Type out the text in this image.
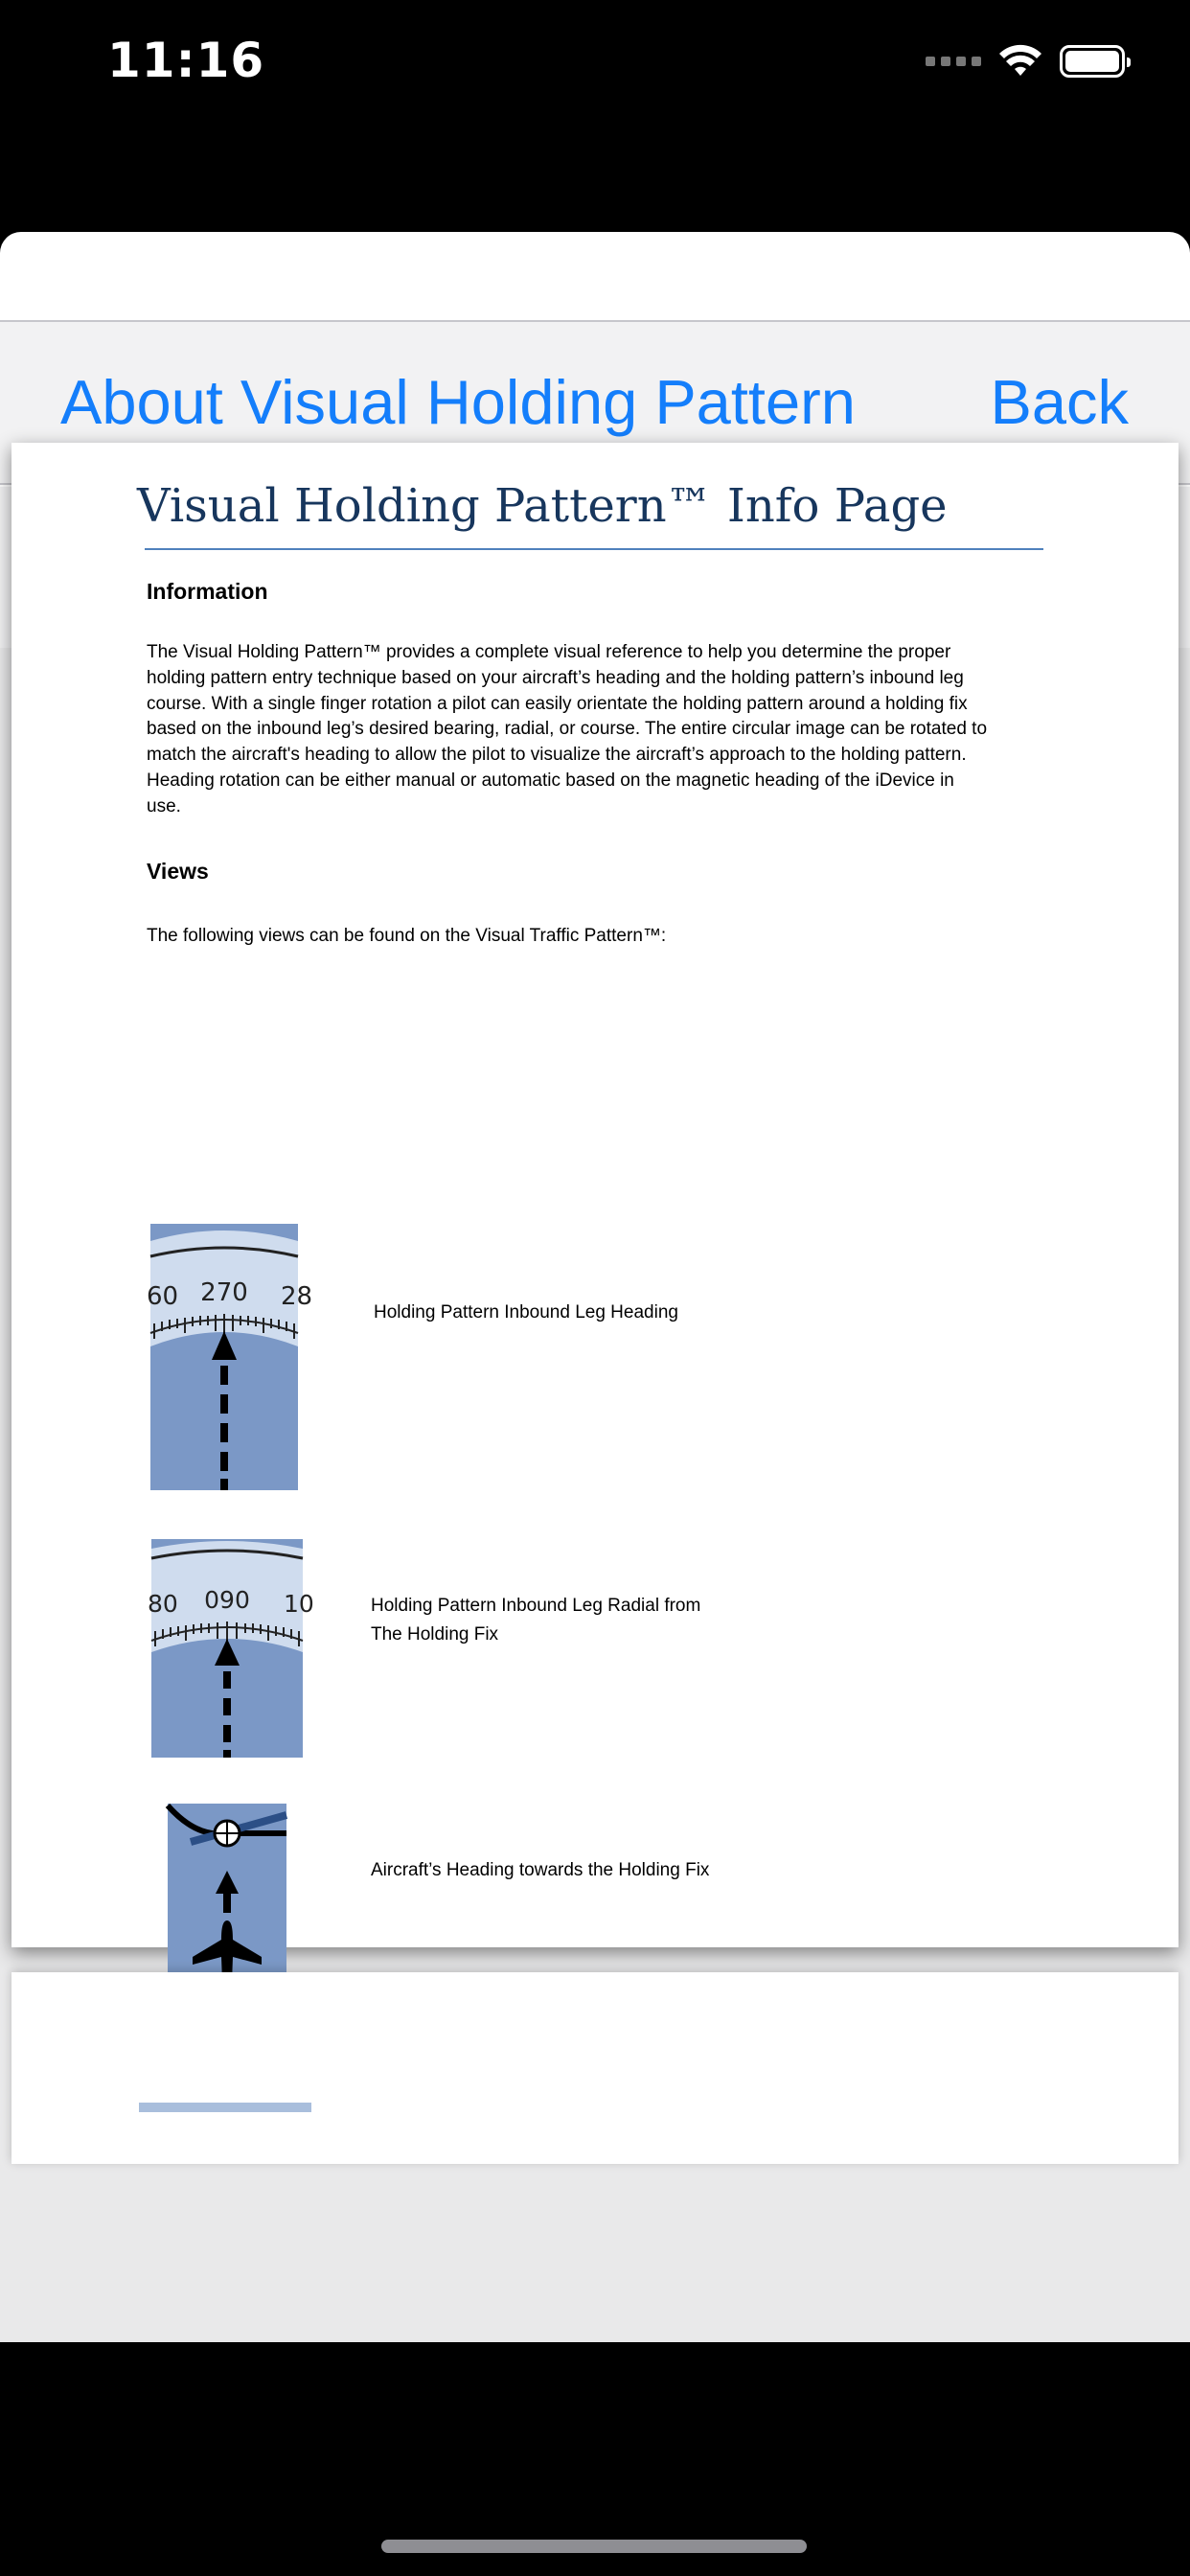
11:16
About Visual Holding Pattern Back
Visual Holding Pattern™ Info Page
Information
The Visual Holding Pattern™ provides a complete visual reference to help you determine the proper
holding pattern entry technique based on your aircraft’s heading and the holding pattern’s inbound leg
course. With a single finger rotation a pilot can easily orientate the holding pattern around a holding fix
based on the inbound leg’s desired bearing, radial, or course. The entire circular image can be rotated to
match the aircraft's heading to allow the pilot to visualize the aircraft’s approach to the holding pattern.
Heading rotation can be either manual or automatic based on the magnetic heading of the iDevice in
use.
Views
The following views can be found on the Visual Traffic Pattern™:
270
60	28
Holding Pattern Inbound Leg Heading
090
80	10	Holding Pattern Inbound Leg Radial from
The Holding Fix
Aircraft’s Heading towards the Holding Fix
